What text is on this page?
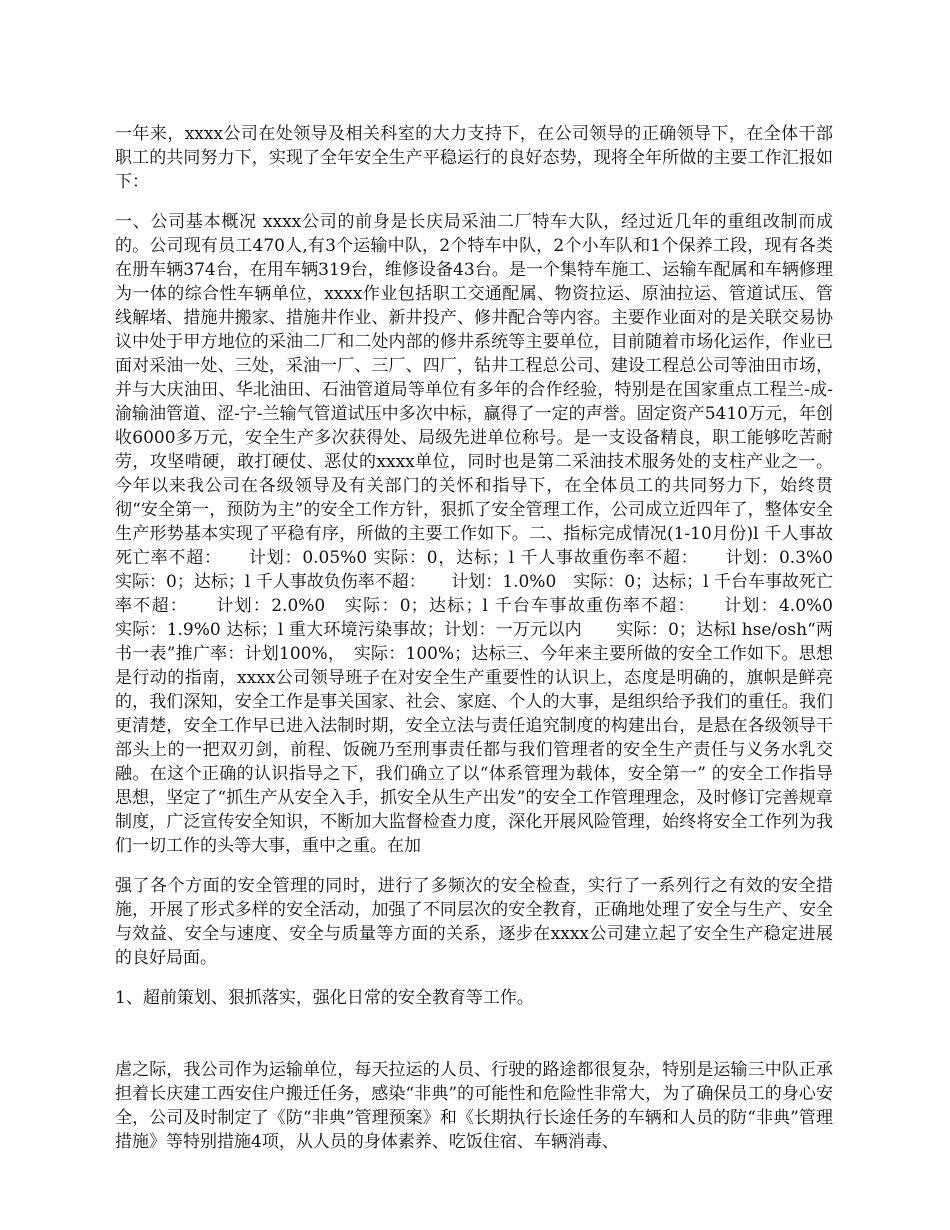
一年来，xxxx公司在处领导及相关科室的大力支持下，在公司领导的正确领导下，在全体干部职工的共同努力下，实现了全年安全生产平稳运行的良好态势，现将全年所做的主要工作汇报如下：

一、公司基本概况 xxxx公司的前身是长庆局采油二厂特车大队，经过近几年的重组改制而成的。公司现有员工470人,有3个运输中队，2个特车中队，2个小车队和1个保养工段，现有各类在册车辆374台，在用车辆319台，维修设备43台。是一个集特车施工、运输车配属和车辆修理为一体的综合性车辆单位，xxxx作业包括职工交通配属、物资拉运、原油拉运、管道试压、管线解堵、措施井搬家、措施井作业、新井投产、修井配合等内容。主要作业面对的是关联交易协议中处于甲方地位的采油二厂和二处内部的修井系统等主要单位，目前随着市场化运作，作业已面对采油一处、三处，采油一厂、三厂、四厂，钻井工程总公司、建设工程总公司等油田市场，并与大庆油田、华北油田、石油管道局等单位有多年的合作经验，特别是在国家重点工程兰-成-渝输油管道、涩-宁-兰输气管道试压中多次中标，赢得了一定的声誉。固定资产5410万元，年创收6000多万元，安全生产多次获得处、局级先进单位称号。是一支设备精良，职工能够吃苦耐劳，攻坚啃硬，敢打硬仗、恶仗的xxxx单位，同时也是第二采油技术服务处的支柱产业之一。今年以来我公司在各级领导及有关部门的关怀和指导下，在全体员工的共同努力下，始终贯彻“安全第一，预防为主”的安全工作方针，狠抓了安全管理工作，公司成立近四年了，整体安全生产形势基本实现了平稳有序，所做的主要工作如下。二、指标完成情况(1-10月份)l 千人事故死亡率不超：　　计划：0.05%0 实际：0，达标；l 千人事故重伤率不超：　　计划：0.3%0　实际：0；达标；l 千人事故负伤率不超：　　计划：1.0%0　实际：0；达标；l 千台车事故死亡率不超：　　计划：2.0%0　实际：0；达标；l 千台车事故重伤率不超：　　计划：4.0%0　　实际：1.9%0 达标；l 重大环境污染事故；计划：一万元以内　　实际：0；达标l hse/osh“两书一表”推广率：计划100%，　实际：100%；达标三、今年来主要所做的安全工作如下。思想是行动的指南，xxxx公司领导班子在对安全生产重要性的认识上，态度是明确的，旗帜是鲜亮的，我们深知，安全工作是事关国家、社会、家庭、个人的大事，是组织给予我们的重任。我们更清楚，安全工作早已进入法制时期，安全立法与责任追究制度的构建出台，是悬在各级领导干部头上的一把双刃剑，前程、饭碗乃至刑事责任都与我们管理者的安全生产责任与义务水乳交融。在这个正确的认识指导之下，我们确立了以“体系管理为载体，安全第一” 的安全工作指导思想，坚定了“抓生产从安全入手，抓安全从生产出发”的安全工作管理理念，及时修订完善规章制度，广泛宣传安全知识，不断加大监督检查力度，深化开展风险管理，始终将安全工作列为我们一切工作的头等大事，重中之重。在加

强了各个方面的安全管理的同时，进行了多频次的安全检查，实行了一系列行之有效的安全措施，开展了形式多样的安全活动，加强了不同层次的安全教育，正确地处理了安全与生产、安全与效益、安全与速度、安全与质量等方面的关系，逐步在xxxx公司建立起了安全生产稳定进展的良好局面。

1、超前策划、狠抓落实，强化日常的安全教育等工作。

虐之际，我公司作为运输单位，每天拉运的人员、行驶的路途都很复杂，特别是运输三中队正承担着长庆建工西安住户搬迁任务，感染“非典”的可能性和危险性非常大，为了确保员工的身心安全，公司及时制定了《防“非典”管理预案》和《长期执行长途任务的车辆和人员的防“非典”管理措施》等特别措施4项，从人员的身体素养、吃饭住宿、车辆消毒、
